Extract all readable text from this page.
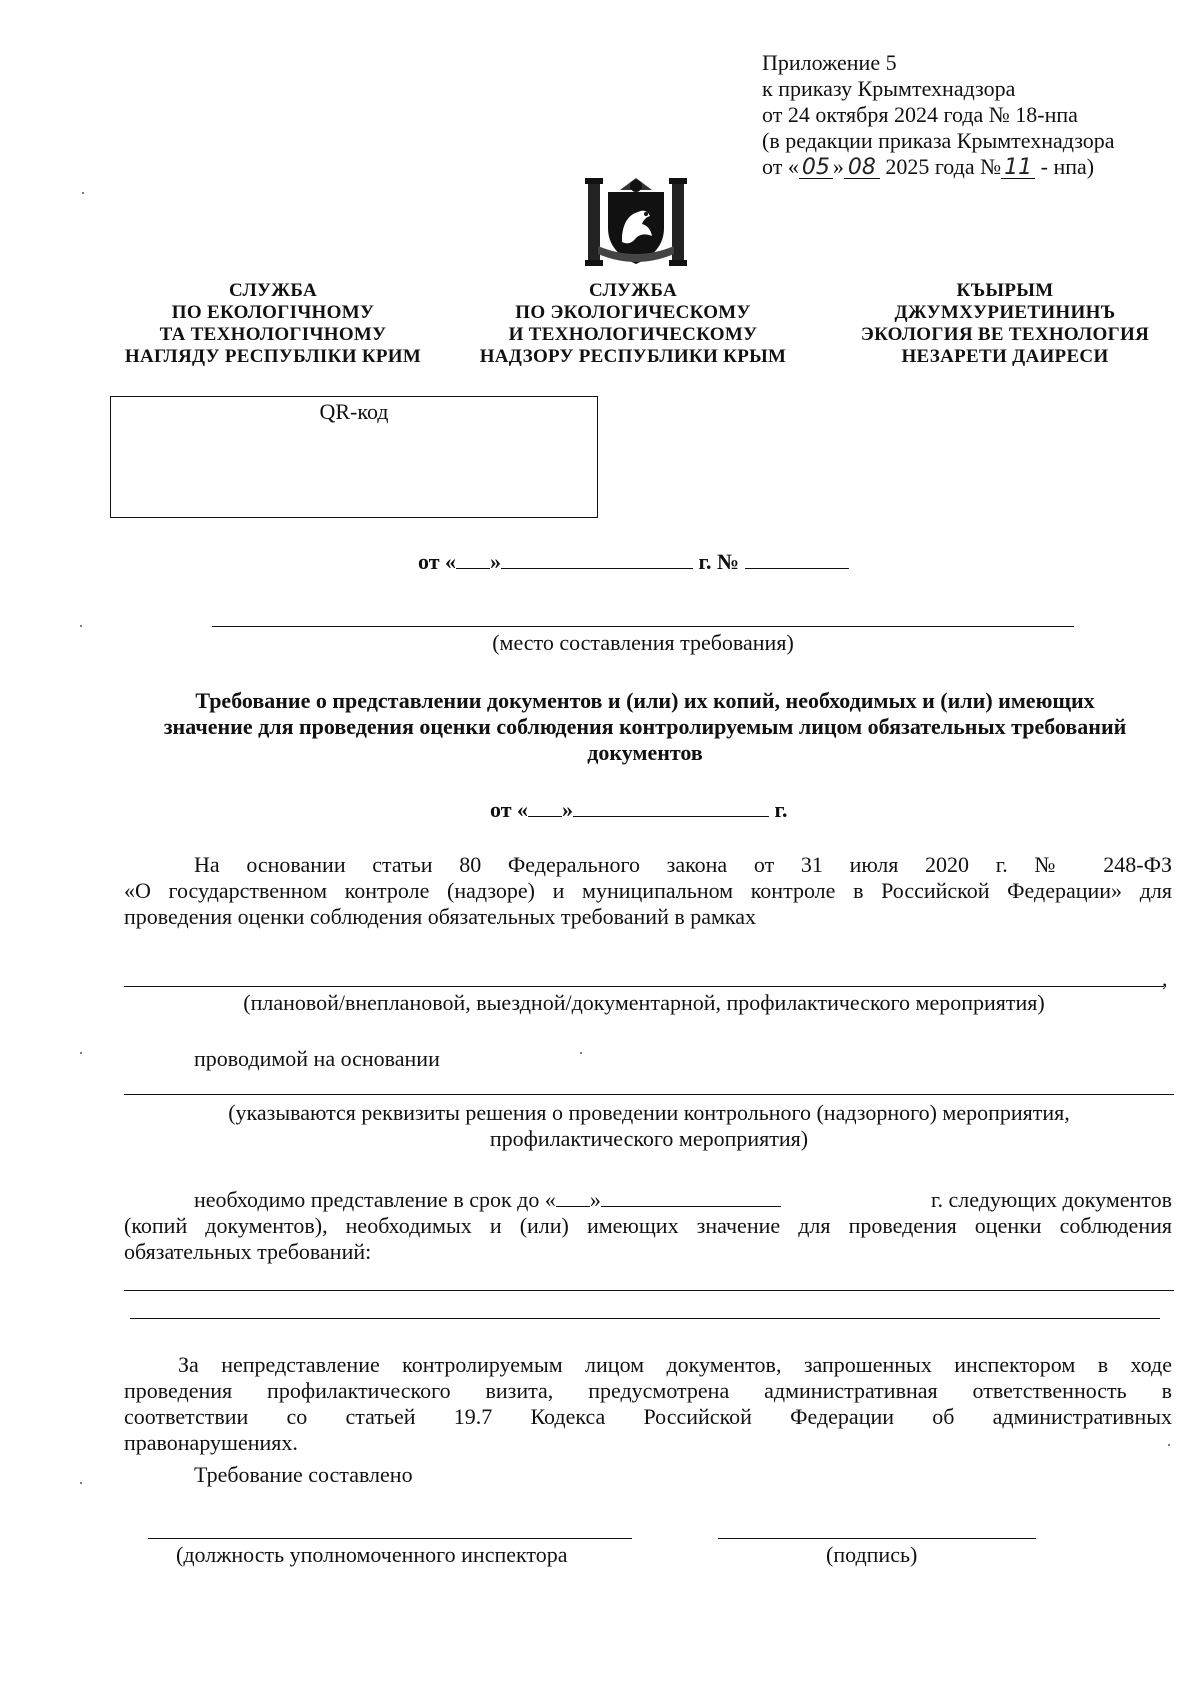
Приложение 5
к приказу Крымтехнадзора
от 24 октября 2024 года № 18-нпа
(в редакции приказа Крымтехнадзора
от « 05 » 08 2025 года № 11 - нпа)
СЛУЖБА
ПО ЕКОЛОГІЧНОМУ
ТА ТЕХНОЛОГІЧНОМУ
НАГЛЯДУ РЕСПУБЛІКИ КРИМ
СЛУЖБА
ПО ЭКОЛОГИЧЕСКОМУ
И ТЕХНОЛОГИЧЕСКОМУ
НАДЗОРУ РЕСПУБЛИКИ КРЫМ
КЪЫРЫМ
ДЖУМХУРИЕТИНИНЪ
ЭКОЛОГИЯ ВЕ ТЕХНОЛОГИЯ
НЕЗАРЕТИ ДАИРЕСИ
QR-код
от « »	г. №
(место составления требования)
Требование о представлении документов и (или) их копий, необходимых и (или) имеющих
значение для проведения оценки соблюдения контролируемым лицом обязательных требований
документов
от « »	г.
На основании статьи 80 Федерального закона от 31 июля 2020 г. № 248-ФЗ
«О государственном контроле (надзоре) и муниципальном контроле в Российской Федерации» для
проведения оценки соблюдения обязательных требований в рамках
,
(плановой/внеплановой, выездной/документарной, профилактического мероприятия)
проводимой на основании
(указываются реквизиты решения о проведении контрольного (надзорного) мероприятия,
профилактического мероприятия)
необходимо представление в срок до « »	г. следующих документов
(копий документов), необходимых и (или) имеющих значение для проведения оценки соблюдения
обязательных требований:
За непредставление контролируемым лицом документов, запрошенных инспектором в ходе
проведения профилактического визита, предусмотрена административная ответственность в
соответствии со статьей 19.7 Кодекса Российской Федерации об административных
правонарушениях.
Требование составлено
(должность уполномоченного инспектора	(подпись)
